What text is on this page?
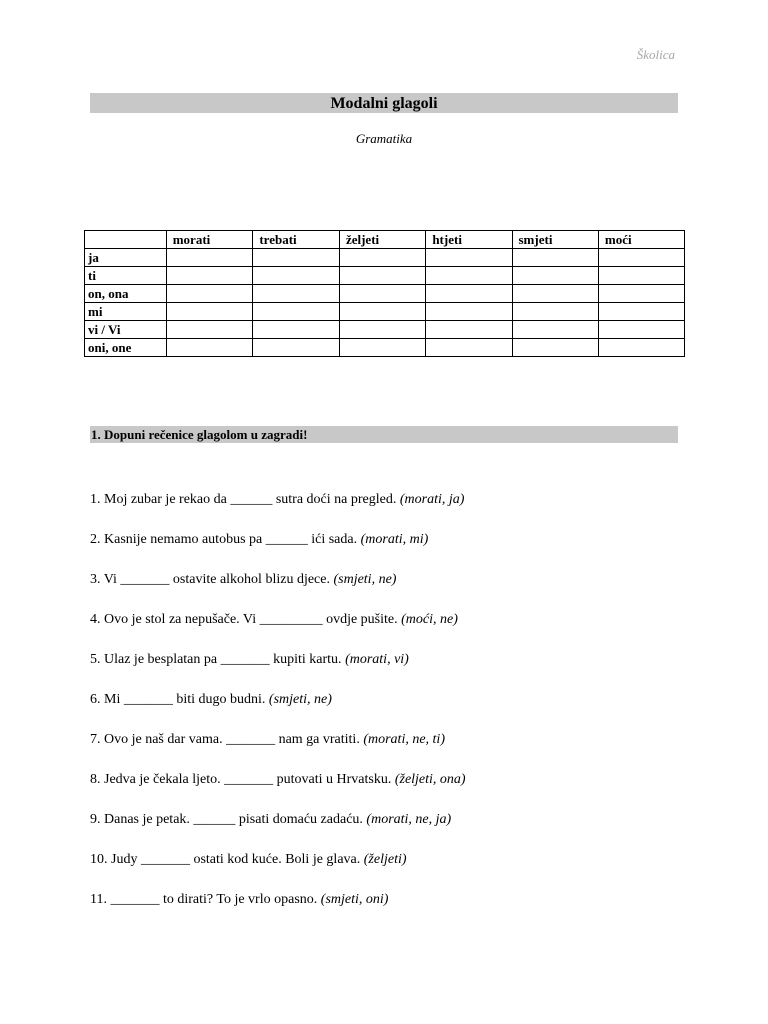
Školica
Modalni glagoli
Gramatika
	morati	trebati	željeti	htjeti	smjeti	moći
ja						
ti						
on, ona						
mi						
vi / Vi						
oni, one						
1. Dopuni rečenice glagolom u zagradi!
1. Moj zubar je rekao da ______ sutra doći na pregled. (morati, ja)
2. Kasnije nemamo autobus pa ______ ići sada. (morati, mi)
3. Vi _______ ostavite alkohol blizu djece. (smjeti, ne)
4. Ovo je stol za nepušače. Vi _________ ovdje pušite. (moći, ne)
5. Ulaz je besplatan pa _______ kupiti kartu. (morati, vi)
6. Mi _______ biti dugo budni. (smjeti, ne)
7. Ovo je naš dar vama. _______ nam ga vratiti. (morati, ne, ti)
8. Jedva je čekala ljeto. _______ putovati u Hrvatsku. (željeti, ona)
9. Danas je petak. ______ pisati domaću zadaću. (morati, ne, ja)
10. Judy _______ ostati kod kuće. Boli je glava. (željeti)
11. _______ to dirati? To je vrlo opasno. (smjeti, oni)
